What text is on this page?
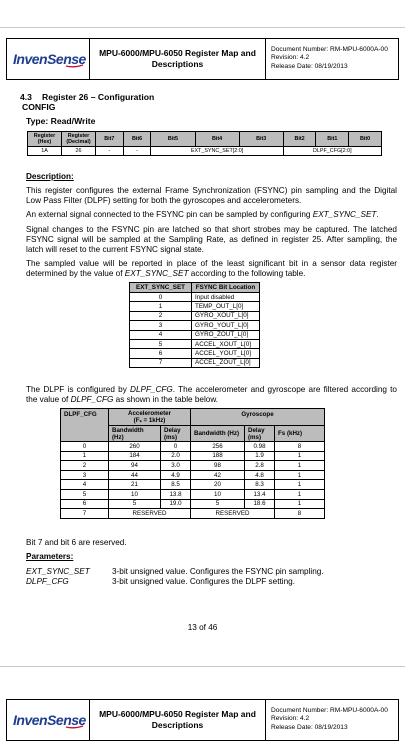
InvenSense	MPU-6000/MPU-6050 Register Map and Descriptions
Document Number: RM-MPU-6000A-00
Revision: 4.2
Release Date: 08/19/2013
4.3 Register 26 – Configuration
CONFIG
Type: Read/Write
Register (Hex)	Register (Decimal)	Bit7	Bit6	Bit5	Bit4	Bit3	Bit2	Bit1	Bit0
1A	26	-	-	EXT_SYNC_SET[2:0]			DLPF_CFG[2:0]		
Description:
This register configures the external Frame Synchronization (FSYNC) pin sampling and the Digital Low Pass Filter (DLPF) setting for both the gyroscopes and accelerometers.
An external signal connected to the FSYNC pin can be sampled by configuring EXT_SYNC_SET.
Signal changes to the FSYNC pin are latched so that short strobes may be captured. The latched FSYNC signal will be sampled at the Sampling Rate, as defined in register 25. After sampling, the latch will reset to the current FSYNC signal state.
The sampled value will be reported in place of the least significant bit in a sensor data register determined by the value of EXT_SYNC_SET according to the following table.
EXT_SYNC_SET	FSYNC Bit Location
0	Input disabled
1	TEMP_OUT_L[0]
2	GYRO_XOUT_L[0]
3	GYRO_YOUT_L[0]
4	GYRO_ZOUT_L[0]
5	ACCEL_XOUT_L[0]
6	ACCEL_YOUT_L[0]
7	ACCEL_ZOUT_L[0]
The DLPF is configured by DLPF_CFG. The accelerometer and gyroscope are filtered according to the value of DLPF_CFG as shown in the table below.
DLPF_CFG	Accelerometer
(Fₛ = 1kHz)		Gyroscope		
	Bandwidth (Hz)	Delay (ms)	Bandwidth (Hz)	Delay (ms)	Fs (kHz)
0	260	0	256	0.98	8
1	184	2.0	188	1.9	1
2	94	3.0	98	2.8	1
3	44	4.9	42	4.8	1
4	21	8.5	20	8.3	1
5	10	13.8	10	13.4	1
6	5	19.0	5	18.6	1
7	RESERVED		RESERVED		8
Bit 7 and bit 6 are reserved.
Parameters:
EXT_SYNC_SET	3-bit unsigned value. Configures the FSYNC pin sampling.
DLPF_CFG	3-bit unsigned value. Configures the DLPF setting.
13 of 46
InvenSense	MPU-6000/MPU-6050 Register Map and Descriptions
Document Number: RM-MPU-6000A-00
Revision: 4.2
Release Date: 08/19/2013
